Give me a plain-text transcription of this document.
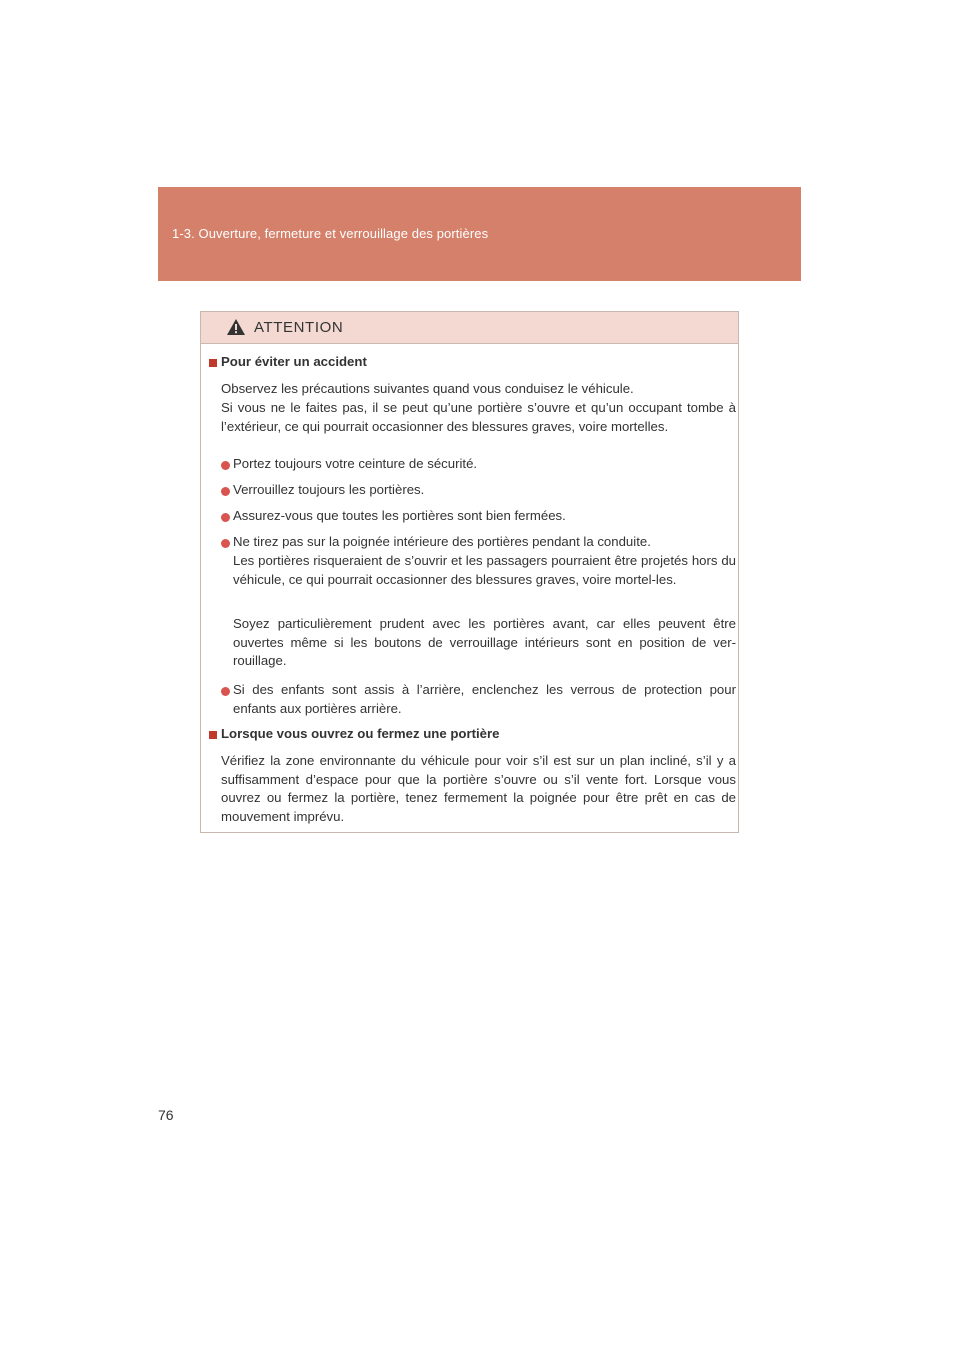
1-3. Ouverture, fermeture et verrouillage des portières
ATTENTION
Pour éviter un accident
Observez les précautions suivantes quand vous conduisez le véhicule.
Si vous ne le faites pas, il se peut qu’une portière s’ouvre et qu’un occupant tombe à l’extérieur, ce qui pourrait occasionner des blessures graves, voire mortelles.
Portez toujours votre ceinture de sécurité.
Verrouillez toujours les portières.
Assurez-vous que toutes les portières sont bien fermées.
Ne tirez pas sur la poignée intérieure des portières pendant la conduite.
Les portières risqueraient de s’ouvrir et les passagers pourraient être projetés hors du véhicule, ce qui pourrait occasionner des blessures graves, voire mortel-les.
Soyez particulièrement prudent avec les portières avant, car elles peuvent être ouvertes même si les boutons de verrouillage intérieurs sont en position de ver-rouillage.
Si des enfants sont assis à l’arrière, enclenchez les verrous de protection pour enfants aux portières arrière.
Lorsque vous ouvrez ou fermez une portière
Vérifiez la zone environnante du véhicule pour voir s’il est sur un plan incliné, s’il y a suffisamment d’espace pour que la portière s’ouvre ou s’il vente fort. Lorsque vous ouvrez ou fermez la portière, tenez fermement la poignée pour être prêt en cas de mouvement imprévu.
76
